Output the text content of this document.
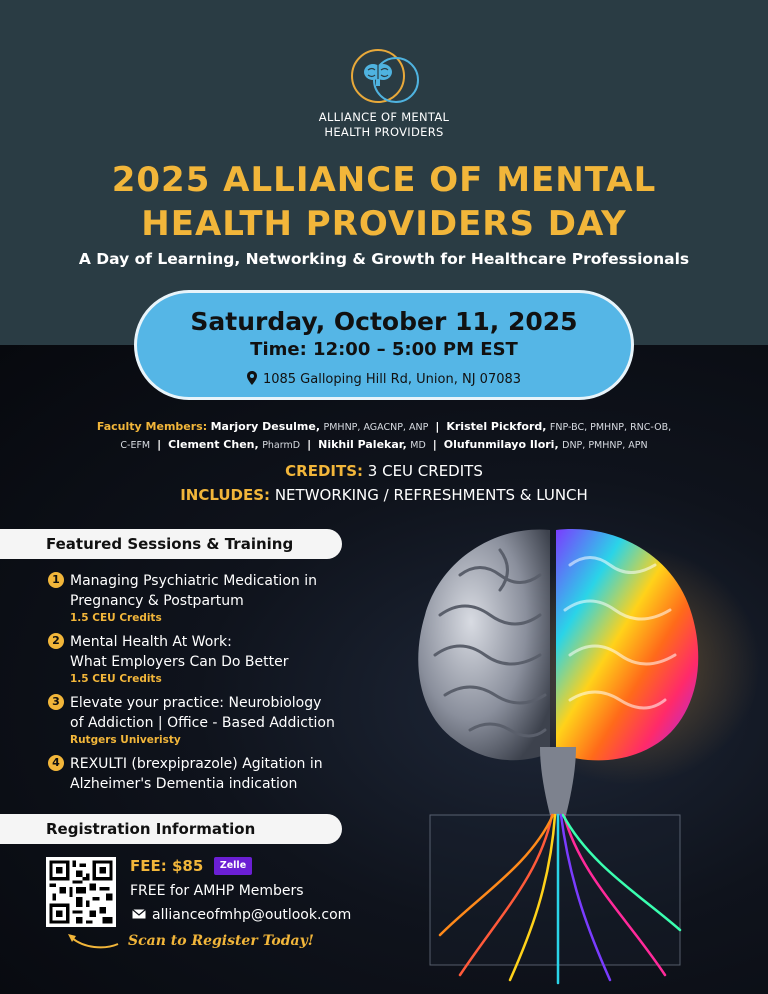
ALLIANCE OF MENTAL
HEALTH PROVIDERS
2025 ALLIANCE OF MENTAL
HEALTH PROVIDERS DAY
A Day of Learning, Networking & Growth for Healthcare Professionals
Saturday, October 11, 2025
Time: 12:00 – 5:00 PM EST
1085 Galloping Hill Rd, Union, NJ 07083
Faculty Members: Marjory Desulme, PMHNP, AGACNP, ANP | Kristel Pickford, FNP-BC, PMHNP, RNC-OB,
C-EFM | Clement Chen, PharmD | Nikhil Palekar, MD | Olufunmilayo Ilori, DNP, PMHNP, APN
CREDITS: 3 CEU CREDITS
INCLUDES: NETWORKING / REFRESHMENTS & LUNCH
Featured Sessions & Training
1 Managing Psychiatric Medication in
Pregnancy & Postpartum
1.5 CEU Credits
2 Mental Health At Work:
What Employers Can Do Better
1.5 CEU Credits
3 Elevate your practice: Neurobiology
of Addiction | Office - Based Addiction
Rutgers Univeristy
4 REXULTI (brexpiprazole) Agitation in
Alzheimer's Dementia indication
Registration Information
FEE: $85	Zelle
FREE for AMHP Members
allianceofmhp@outlook.com
Scan to Register Today!
